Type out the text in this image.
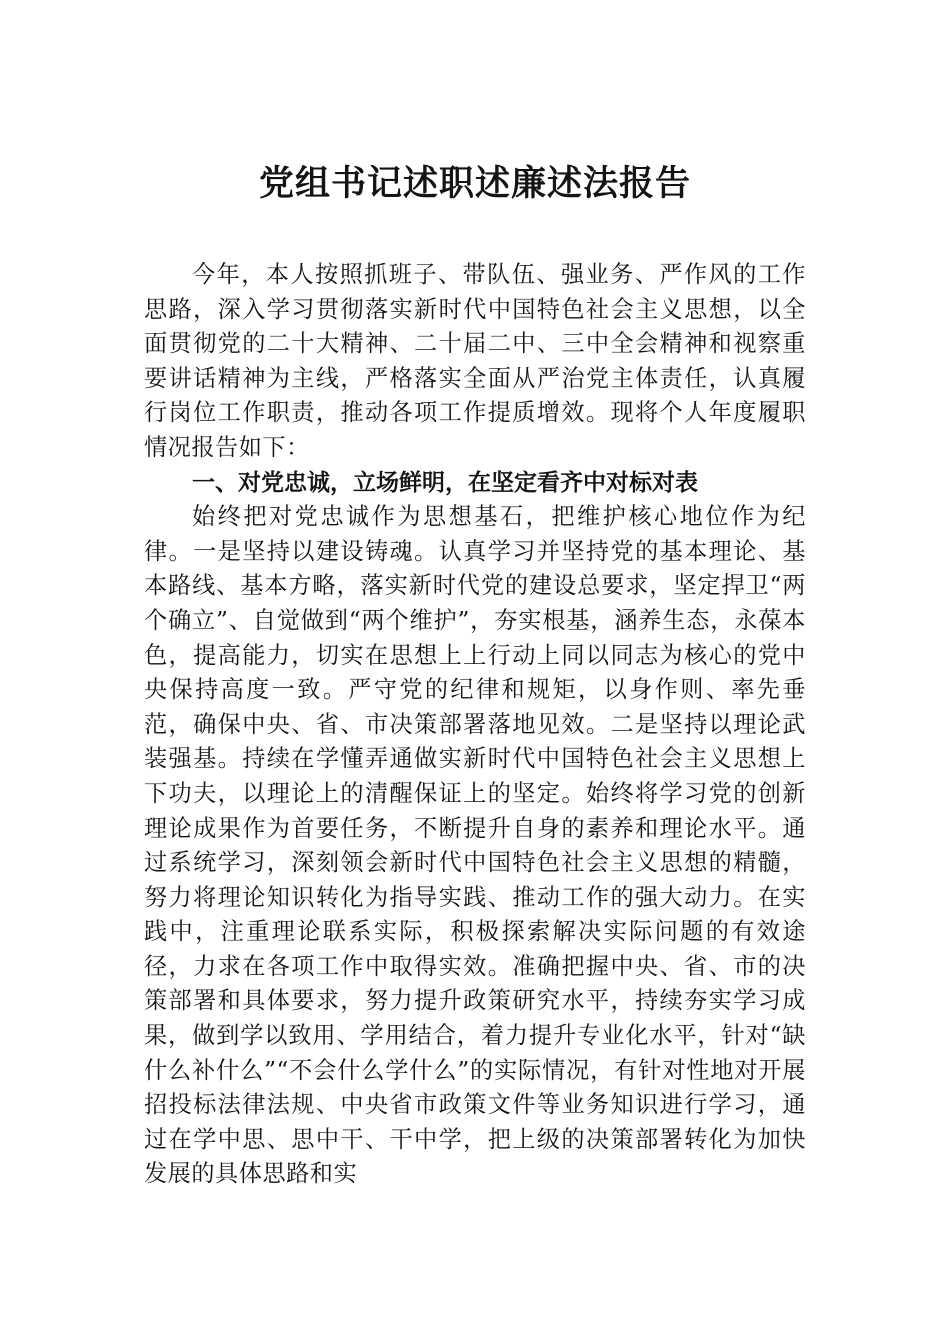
党组书记述职述廉述法报告

今年，本人按照抓班子、带队伍、强业务、严作风的工作思路，深入学习贯彻落实新时代中国特色社会主义思想，以全面贯彻党的二十大精神、二十届二中、三中全会精神和视察重要讲话精神为主线，严格落实全面从严治党主体责任，认真履行岗位工作职责，推动各项工作提质增效。现将个人年度履职情况报告如下：

一、对党忠诚，立场鲜明，在坚定看齐中对标对表

始终把对党忠诚作为思想基石，把维护核心地位作为纪律。一是坚持以建设铸魂。认真学习并坚持党的基本理论、基本路线、基本方略，落实新时代党的建设总要求，坚定捍卫“两个确立”、自觉做到“两个维护”，夯实根基，涵养生态，永葆本色，提高能力，切实在思想上上行动上同以同志为核心的党中央保持高度一致。严守党的纪律和规矩，以身作则、率先垂范，确保中央、省、市决策部署落地见效。二是坚持以理论武装强基。持续在学懂弄通做实新时代中国特色社会主义思想上下功夫，以理论上的清醒保证上的坚定。始终将学习党的创新理论成果作为首要任务，不断提升自身的素养和理论水平。通过系统学习，深刻领会新时代中国特色社会主义思想的精髓，努力将理论知识转化为指导实践、推动工作的强大动力。在实践中，注重理论联系实际，积极探索解决实际问题的有效途径，力求在各项工作中取得实效。准确把握中央、省、市的决策部署和具体要求，努力提升政策研究水平，持续夯实学习成果，做到学以致用、学用结合，着力提升专业化水平，针对“缺什么补什么”“不会什么学什么”的实际情况，有针对性地对开展招投标法律法规、中央省市政策文件等业务知识进行学习，通过在学中思、思中干、干中学，把上级的决策部署转化为加快发展的具体思路和实
